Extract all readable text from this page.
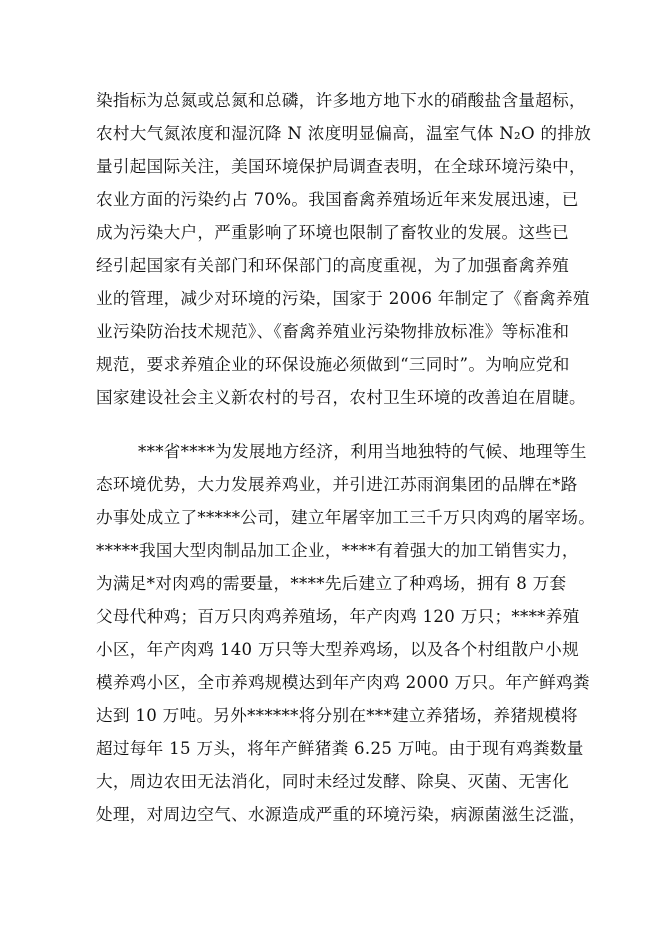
染指标为总氮或总氮和总磷，许多地方地下水的硝酸盐含量超标，
农村大气氮浓度和湿沉降 N 浓度明显偏高，温室气体 N₂O 的排放
量引起国际关注，美国环境保护局调查表明，在全球环境污染中，
农业方面的污染约占 70%。我国畜禽养殖场近年来发展迅速，已
成为污染大户，严重影响了环境也限制了畜牧业的发展。这些已
经引起国家有关部门和环保部门的高度重视，为了加强畜禽养殖
业的管理，减少对环境的污染，国家于 2006 年制定了《畜禽养殖
业污染防治技术规范》、《畜禽养殖业污染物排放标准》等标准和
规范，要求养殖企业的环保设施必须做到“三同时”。为响应党和
国家建设社会主义新农村的号召，农村卫生环境的改善迫在眉睫。
***省****为发展地方经济，利用当地独特的气候、地理等生
态环境优势，大力发展养鸡业，并引进江苏雨润集团的品牌在*路
办事处成立了*****公司，建立年屠宰加工三千万只肉鸡的屠宰场。
*****我国大型肉制品加工企业，****有着强大的加工销售实力，
为满足*对肉鸡的需要量，****先后建立了种鸡场，拥有 8 万套
父母代种鸡；百万只肉鸡养殖场，年产肉鸡 120 万只；****养殖
小区，年产肉鸡 140 万只等大型养鸡场，以及各个村组散户小规
模养鸡小区，全市养鸡规模达到年产肉鸡 2000 万只。年产鲜鸡粪
达到 10 万吨。另外******将分别在***建立养猪场，养猪规模将
超过每年 15 万头，将年产鲜猪粪 6.25 万吨。由于现有鸡粪数量
大，周边农田无法消化，同时未经过发酵、除臭、灭菌、无害化
处理，对周边空气、水源造成严重的环境污染，病源菌滋生泛滥，
